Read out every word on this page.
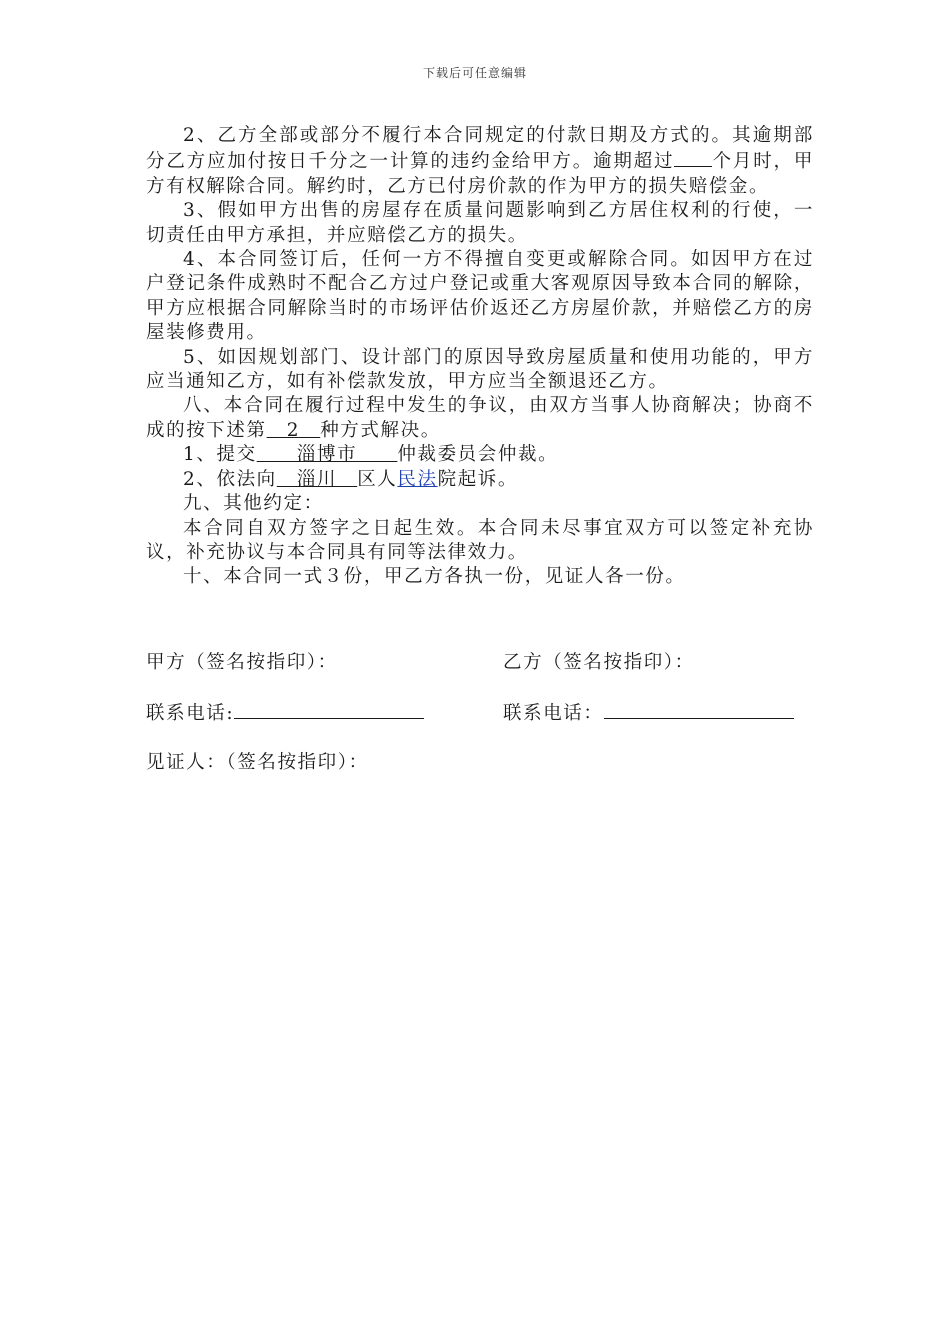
下载后可任意编辑

2、乙方全部或部分不履行本合同规定的付款日期及方式的。其逾期部分乙方应加付按日千分之一计算的违约金给甲方。逾期超过 个月时，甲方有权解除合同。解约时，乙方已付房价款的作为甲方的损失赔偿金。

3、假如甲方出售的房屋存在质量问题影响到乙方居住权利的行使，一切责任由甲方承担，并应赔偿乙方的损失。

4、本合同签订后，任何一方不得擅自变更或解除合同。如因甲方在过户登记条件成熟时不配合乙方过户登记或重大客观原因导致本合同的解除，甲方应根据合同解除当时的市场评估价返还乙方房屋价款，并赔偿乙方的房屋装修费用。

5、如因规划部门、设计部门的原因导致房屋质量和使用功能的，甲方应当通知乙方，如有补偿款发放，甲方应当全额退还乙方。

八、本合同在履行过程中发生的争议，由双方当事人协商解决；协商不成的按下述第　2　种方式解决。

1、提交　　淄博市　　仲裁委员会仲裁。

2、依法向　淄川　区人民法院起诉。

九、其他约定：

本合同自双方签字之日起生效。本合同未尽事宜双方可以签定补充协议，补充协议与本合同具有同等法律效力。

十、本合同一式３份，甲乙方各执一份，见证人各一份。

甲方（签名按指印）：	乙方（签名按指印）：
联系电话:	联系电话：
见证人：（签名按指印）：
